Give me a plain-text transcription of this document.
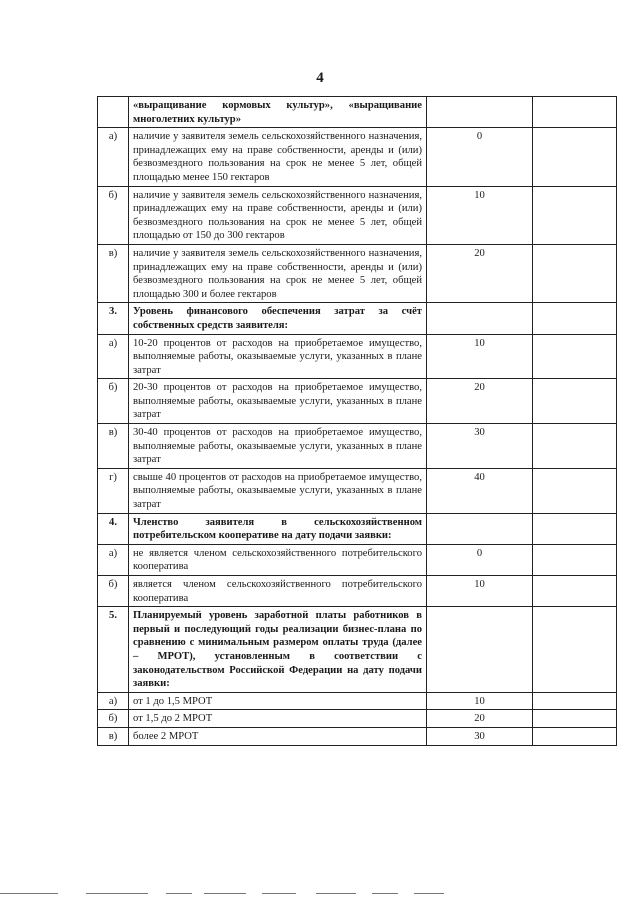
4
	«выращивание кормовых культур», «выращивание многолетних культур»		
а)	наличие у заявителя земель сельскохозяйственного назначения, принадлежащих ему на праве собственности, аренды и (или) безвозмездного пользования на срок не менее 5 лет, общей площадью менее 150 гектаров	0	
б)	наличие у заявителя земель сельскохозяйственного назначения, принадлежащих ему на праве собственности, аренды и (или) безвозмездного пользования на срок не менее 5 лет, общей площадью от 150 до 300 гектаров	10	
в)	наличие у заявителя земель сельскохозяйственного назначения, принадлежащих ему на праве собственности, аренды и (или) безвозмездного пользования на срок не менее 5 лет, общей площадью 300 и более гектаров	20	
3.	Уровень финансового обеспечения затрат за счёт собственных средств заявителя:		
а)	10-20 процентов от расходов на приобретаемое имущество, выполняемые работы, оказываемые услуги, указанных в плане затрат	10	
б)	20-30 процентов от расходов на приобретаемое имущество, выполняемые работы, оказываемые услуги, указанных в плане затрат	20	
в)	30-40 процентов от расходов на приобретаемое имущество, выполняемые работы, оказываемые услуги, указанных в плане затрат	30	
г)	свыше 40 процентов от расходов на приобретаемое имущество, выполняемые работы, оказываемые услуги, указанных в плане затрат	40	
4.	Членство заявителя в сельскохозяйственном потребительском кооперативе на дату подачи заявки:		
а)	не является членом сельскохозяйственного потребительского кооператива	0	
б)	является членом сельскохозяйственного потребительского кооператива	10	
5.	Планируемый уровень заработной платы работников в первый и последующий годы реализации бизнес-плана по сравнению с минимальным размером оплаты труда (далее – МРОТ), установленным в соответствии с законодательством Российской Федерации на дату подачи заявки:		
а)	от 1 до 1,5 МРОТ	10	
б)	от 1,5 до 2 МРОТ	20	
в)	более 2 МРОТ	30	
